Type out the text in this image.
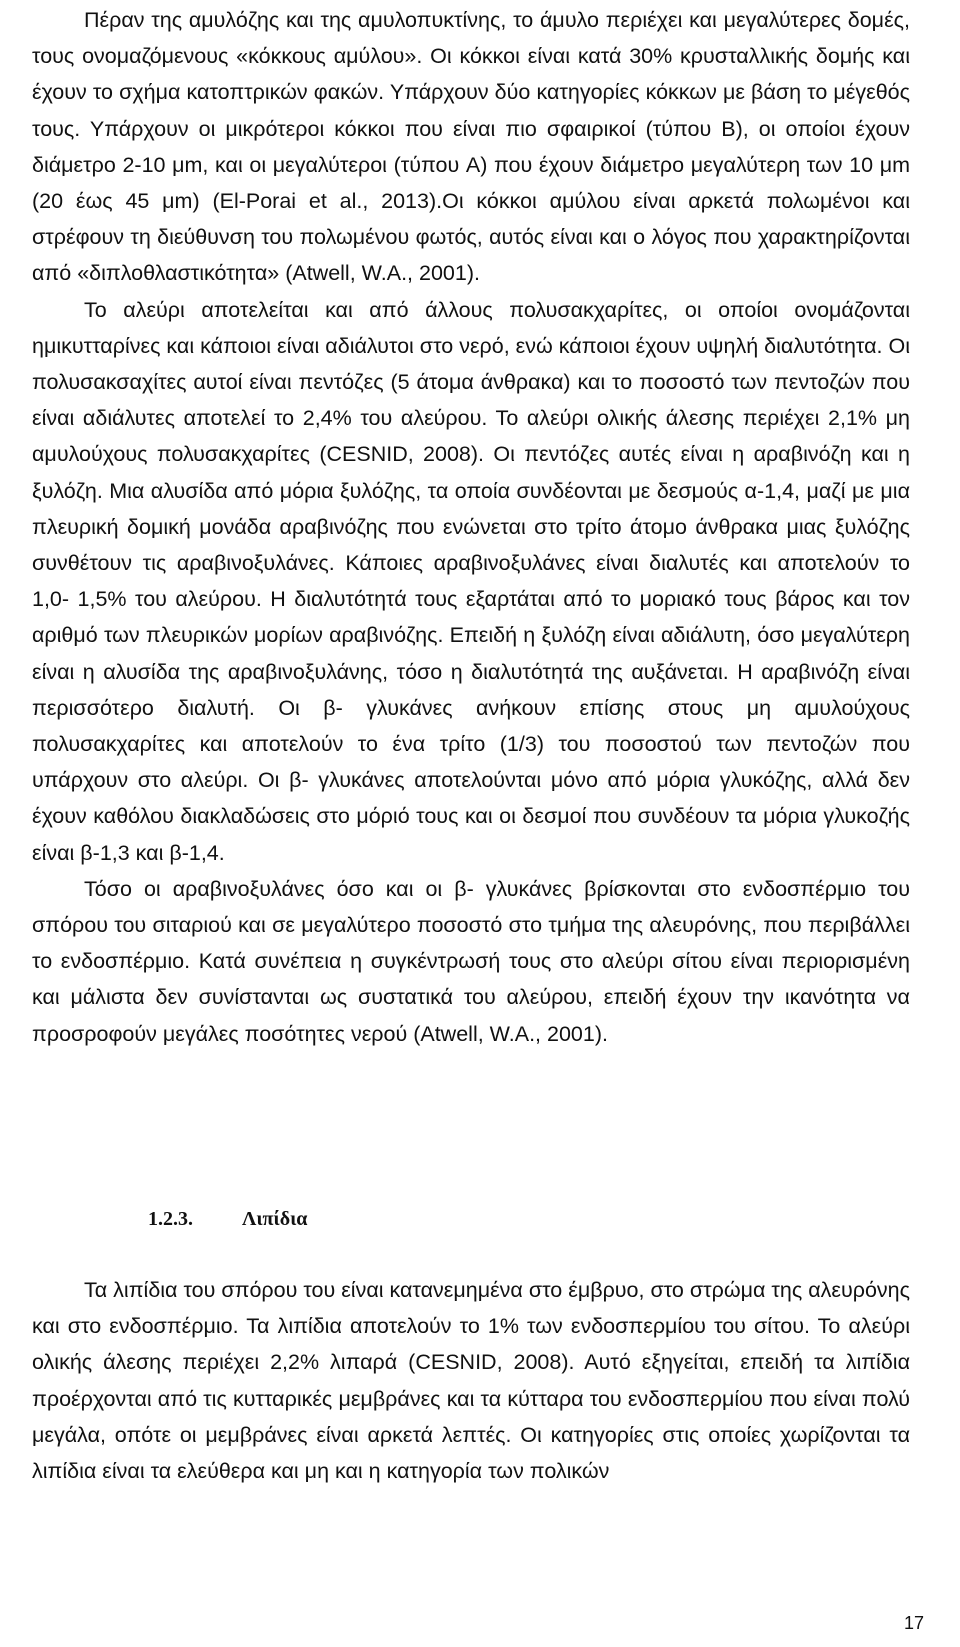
Πέραν της αμυλόζης και της αμυλοπυκτίνης, το άμυλο περιέχει και μεγαλύτερες δομές, τους ονομαζόμενους «κόκκους αμύλου». Οι κόκκοι είναι κατά 30% κρυσταλλικής δομής και έχουν το σχήμα κατοπτρικών φακών. Υπάρχουν δύο κατηγορίες κόκκων με βάση το μέγεθός τους. Υπάρχουν οι μικρότεροι κόκκοι που είναι πιο σφαιρικοί (τύπου B), οι οποίοι έχουν διάμετρο 2-10 μm, και οι μεγαλύτεροι (τύπου A) που έχουν διάμετρο μεγαλύτερη των 10 μm (20 έως 45 μm) (El-Porai et al., 2013).Οι κόκκοι αμύλου είναι αρκετά πολωμένοι και στρέφουν τη διεύθυνση του πολωμένου φωτός, αυτός είναι και ο λόγος που χαρακτηρίζονται από «διπλοθλαστικότητα» (Atwell, W.A., 2001).

Το αλεύρι αποτελείται και από άλλους πολυσακχαρίτες, οι οποίοι ονομάζονται ημικυτταρίνες και κάποιοι είναι αδιάλυτοι στο νερό, ενώ κάποιοι έχουν υψηλή διαλυτότητα. Οι πολυσακσαχίτες αυτοί είναι πεντόζες (5 άτομα άνθρακα) και το ποσοστό των πεντοζών που είναι αδιάλυτες αποτελεί το 2,4% του αλεύρου. Το αλεύρι ολικής άλεσης περιέχει 2,1% μη αμυλούχους πολυσακχαρίτες (CESNID, 2008). Οι πεντόζες αυτές είναι η αραβινόζη και η ξυλόζη. Μια αλυσίδα από μόρια ξυλόζης, τα οποία συνδέονται με δεσμούς α-1,4, μαζί με μια πλευρική δομική μονάδα αραβινόζης που ενώνεται στο τρίτο άτομο άνθρακα μιας ξυλόζης συνθέτουν τις αραβινοξυλάνες. Κάποιες αραβινοξυλάνες είναι διαλυτές και αποτελούν το 1,0- 1,5% του αλεύρου. Η διαλυτότητά τους εξαρτάται από το μοριακό τους βάρος και τον αριθμό των πλευρικών μορίων αραβινόζης. Επειδή η ξυλόζη είναι αδιάλυτη, όσο μεγαλύτερη είναι η αλυσίδα της αραβινοξυλάνης, τόσο η διαλυτότητά της αυξάνεται. Η αραβινόζη είναι περισσότερο διαλυτή. Οι β- γλυκάνες ανήκουν επίσης στους μη αμυλούχους πολυσακχαρίτες και αποτελούν το ένα τρίτο (1/3) του ποσοστού των πεντοζών που υπάρχουν στο αλεύρι. Οι β- γλυκάνες αποτελούνται μόνο από μόρια γλυκόζης, αλλά δεν έχουν καθόλου διακλαδώσεις στο μόριό τους και οι δεσμοί που συνδέουν τα μόρια γλυκοζής είναι β-1,3 και β-1,4.

Τόσο οι αραβινοξυλάνες όσο και οι β- γλυκάνες βρίσκονται στο ενδοσπέρμιο του σπόρου του σιταριού και σε μεγαλύτερο ποσοστό στο τμήμα της αλευρόνης, που περιβάλλει το ενδοσπέρμιο. Κατά συνέπεια η συγκέντρωσή τους στο αλεύρι σίτου είναι περιορισμένη και μάλιστα δεν συνίστανται ως συστατικά του αλεύρου, επειδή έχουν την ικανότητα να προσροφούν μεγάλες ποσότητες νερού (Atwell, W.A., 2001).

1.2.3. Λιπίδια

Τα λιπίδια του σπόρου του είναι κατανεμημένα στο έμβρυο, στο στρώμα της αλευρόνης και στο ενδοσπέρμιο. Τα λιπίδια αποτελούν το 1% των ενδοσπερμίου του σίτου. Το αλεύρι ολικής άλεσης περιέχει 2,2% λιπαρά (CESNID, 2008). Αυτό εξηγείται, επειδή τα λιπίδια προέρχονται από τις κυτταρικές μεμβράνες και τα κύτταρα του ενδοσπερμίου που είναι πολύ μεγάλα, οπότε οι μεμβράνες είναι αρκετά λεπτές. Οι κατηγορίες στις οποίες χωρίζονται τα λιπίδια είναι τα ελεύθερα και μη και η κατηγορία των πολικών

17
